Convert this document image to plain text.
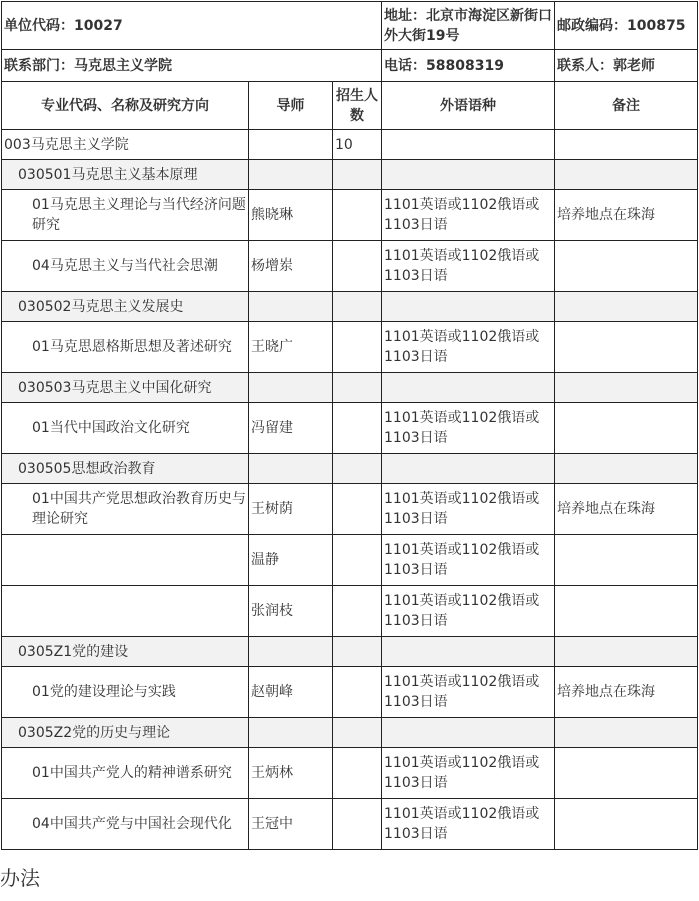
单位代码：10027			地址：北京市海淀区新街口外大街19号	邮政编码：100875
联系部门：马克思主义学院			电话：58808319	联系人：郭老师
专业代码、名称及研究方向	导师	招生人数	外语语种	备注
003马克思主义学院		10		
030501马克思主义基本原理				
01马克思主义理论与当代经济问题研究	熊晓琳		1101英语或1102俄语或1103日语	培养地点在珠海
04马克思主义与当代社会思潮	杨增岽		1101英语或1102俄语或1103日语	
030502马克思主义发展史				
01马克思恩格斯思想及著述研究	王晓广		1101英语或1102俄语或1103日语	
030503马克思主义中国化研究				
01当代中国政治文化研究	冯留建		1101英语或1102俄语或1103日语	
030505思想政治教育				
01中国共产党思想政治教育历史与理论研究	王树荫		1101英语或1102俄语或1103日语	培养地点在珠海
	温静		1101英语或1102俄语或1103日语	
	张润枝		1101英语或1102俄语或1103日语	
0305Z1党的建设				
01党的建设理论与实践	赵朝峰		1101英语或1102俄语或1103日语	培养地点在珠海
0305Z2党的历史与理论				
01中国共产党人的精神谱系研究	王炳林		1101英语或1102俄语或1103日语	
04中国共产党与中国社会现代化	王冠中		1101英语或1102俄语或1103日语	
办法
